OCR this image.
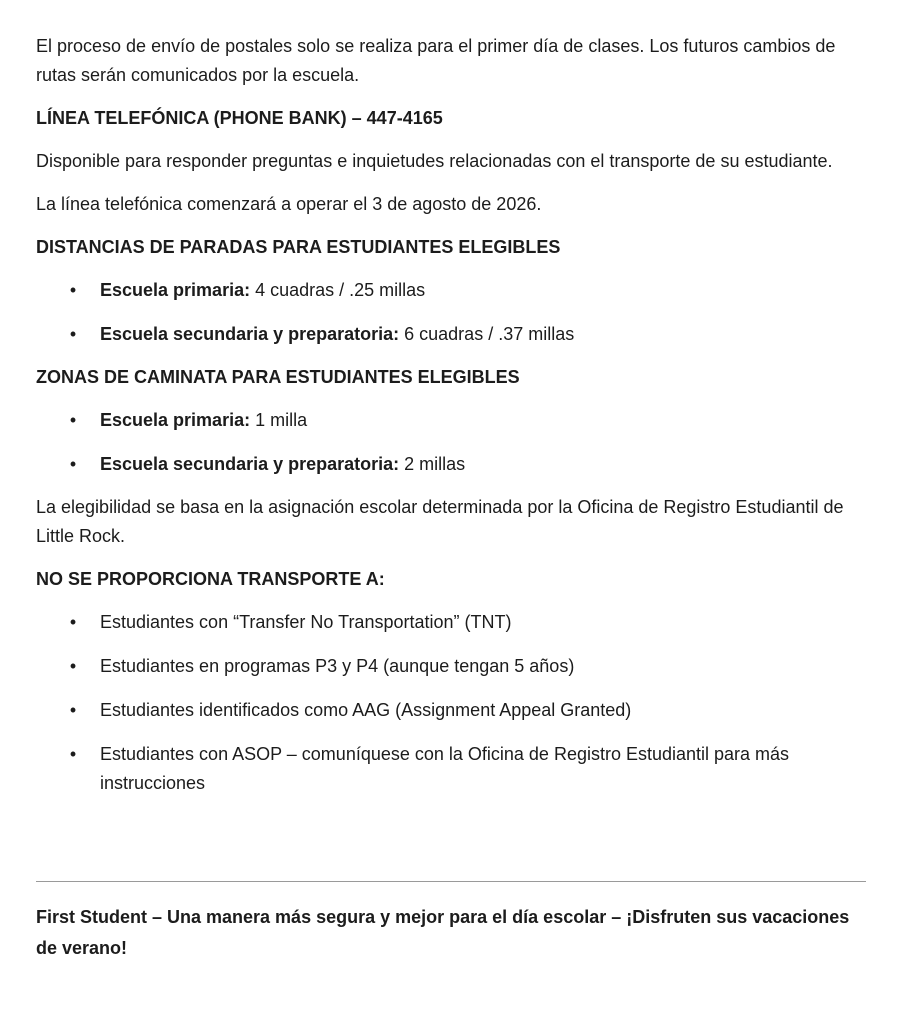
El proceso de envío de postales solo se realiza para el primer día de clases. Los futuros cambios de rutas serán comunicados por la escuela.

LÍNEA TELEFÓNICA (PHONE BANK) – 447-4165

Disponible para responder preguntas e inquietudes relacionadas con el transporte de su estudiante.

La línea telefónica comenzará a operar el 3 de agosto de 2026.

DISTANCIAS DE PARADAS PARA ESTUDIANTES ELEGIBLES

• Escuela primaria: 4 cuadras / .25 millas
• Escuela secundaria y preparatoria: 6 cuadras / .37 millas

ZONAS DE CAMINATA PARA ESTUDIANTES ELEGIBLES

• Escuela primaria: 1 milla
• Escuela secundaria y preparatoria: 2 millas

La elegibilidad se basa en la asignación escolar determinada por la Oficina de Registro Estudiantil de Little Rock.

NO SE PROPORCIONA TRANSPORTE A:

• Estudiantes con “Transfer No Transportation” (TNT)
• Estudiantes en programas P3 y P4 (aunque tengan 5 años)
• Estudiantes identificados como AAG (Assignment Appeal Granted)
• Estudiantes con ASOP – comuníquese con la Oficina de Registro Estudiantil para más instrucciones

First Student – Una manera más segura y mejor para el día escolar – ¡Disfruten sus vacaciones de verano!
